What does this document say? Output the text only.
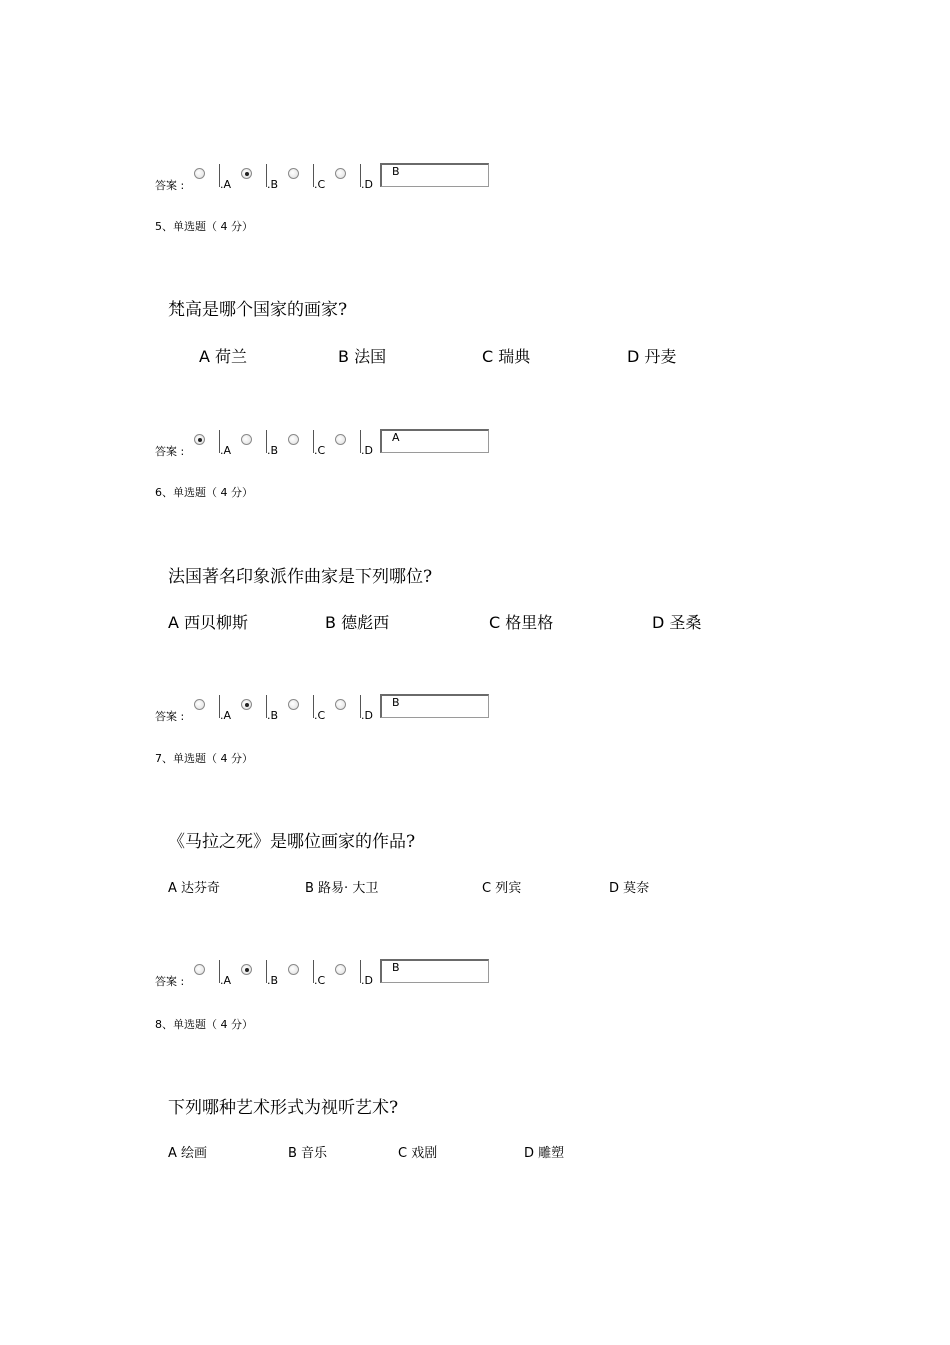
答案 :	.A	.B	.C	.D
B
5、单选题（ 4 分）
梵高是哪个国家的画家?
A 荷兰	B 法国	C 瑞典	D 丹麦
答案 :	.A	.B	.C	.D
A
6、单选题（ 4 分）
法国著名印象派作曲家是下列哪位?
A 西贝柳斯	B 德彪西	C 格里格	D 圣桑
答案 :	.A	.B	.C	.D
B
7、单选题（ 4 分）
《马拉之死》是哪位画家的作品?
A 达芬奇	B 路易· 大卫	C 列宾	D 莫奈
答案 :	.A	.B	.C	.D
B
8、单选题（ 4 分）
下列哪种艺术形式为视听艺术?
A 绘画	B 音乐	C 戏剧	D 雕塑
